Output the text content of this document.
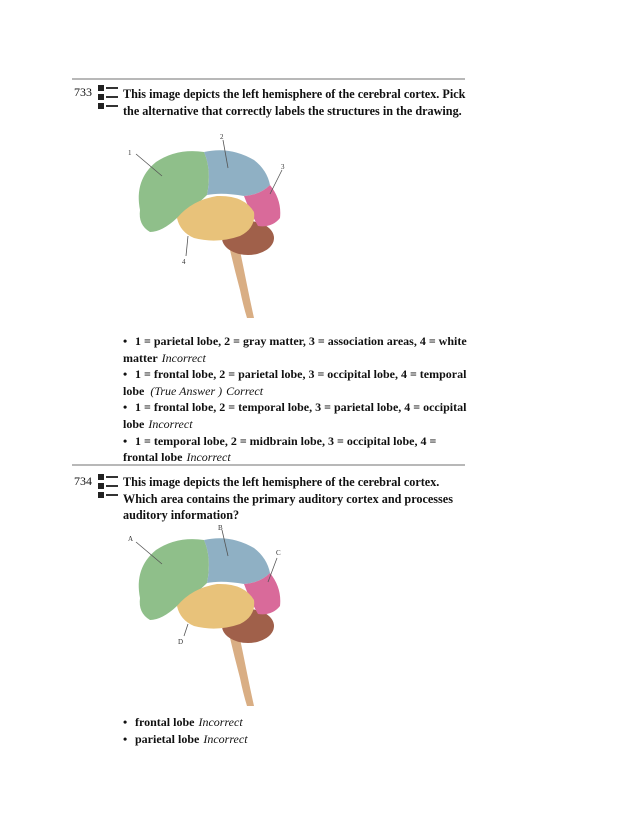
733	This image depicts the left hemisphere of the cerebral cortex. Pick the alternative that correctly labels the structures in the drawing.
1
2
3
4

• 1 = parietal lobe, 2 = gray matter, 3 = association areas, 4 = white matter Incorrect

• 1 = frontal lobe, 2 = parietal lobe, 3 = occipital lobe, 4 = temporal lobe (True Answer ) Correct

• 1 = frontal lobe, 2 = temporal lobe, 3 = parietal lobe, 4 = occipital lobe Incorrect

• 1 = temporal lobe, 2 = midbrain lobe, 3 = occipital lobe, 4 = frontal lobe Incorrect

734	This image depicts the left hemisphere of the cerebral cortex. Which area contains the primary auditory cortex and processes auditory information?
A
B
C
D

• frontal lobe Incorrect

• parietal lobe Incorrect
